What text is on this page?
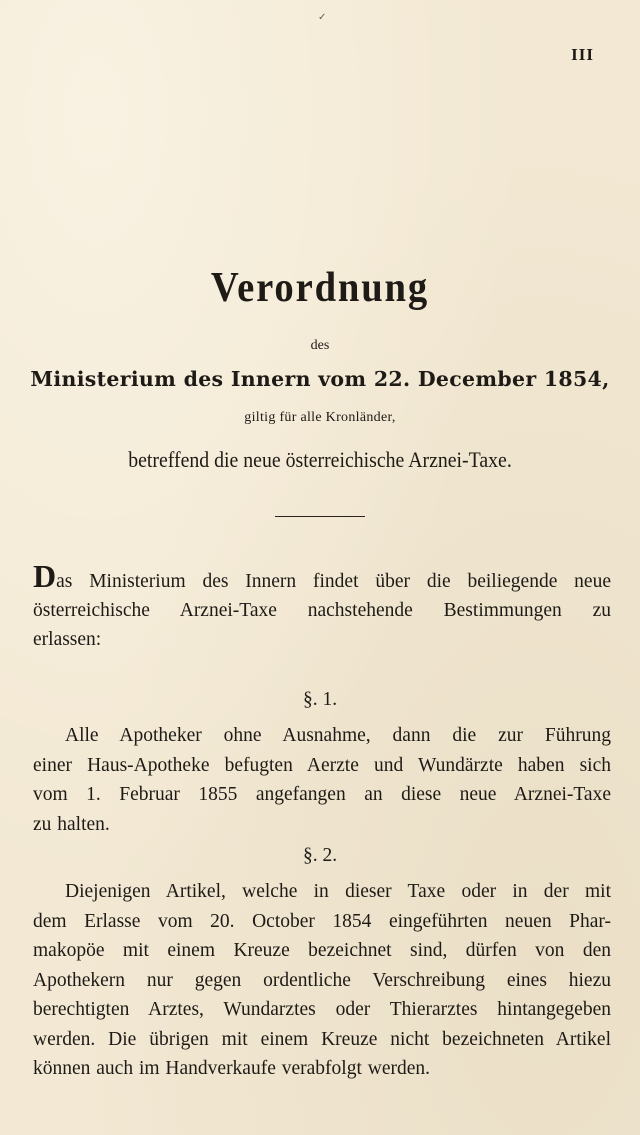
✓
III
Verordnung
des
Ministerium des Innern vom 22. December 1854,
giltig für alle Kronländer,
betreffend die neue österreichische Arznei-Taxe.
Das Ministerium des Innern findet über die beiliegende neue
österreichische Arznei-Taxe nachstehende Bestimmungen zu
erlassen:
§. 1.
Alle Apotheker ohne Ausnahme, dann die zur Führung
einer Haus-Apotheke befugten Aerzte und Wundärzte haben sich
vom 1. Februar 1855 angefangen an diese neue Arznei-Taxe
zu halten.
§. 2.
Diejenigen Artikel, welche in dieser Taxe oder in der mit
dem Erlasse vom 20. October 1854 eingeführten neuen Phar-
makopöe mit einem Kreuze bezeichnet sind, dürfen von den
Apothekern nur gegen ordentliche Verschreibung eines hiezu
berechtigten Arztes, Wundarztes oder Thierarztes hintangegeben
werden. Die übrigen mit einem Kreuze nicht bezeichneten Artikel
können auch im Handverkaufe verabfolgt werden.
